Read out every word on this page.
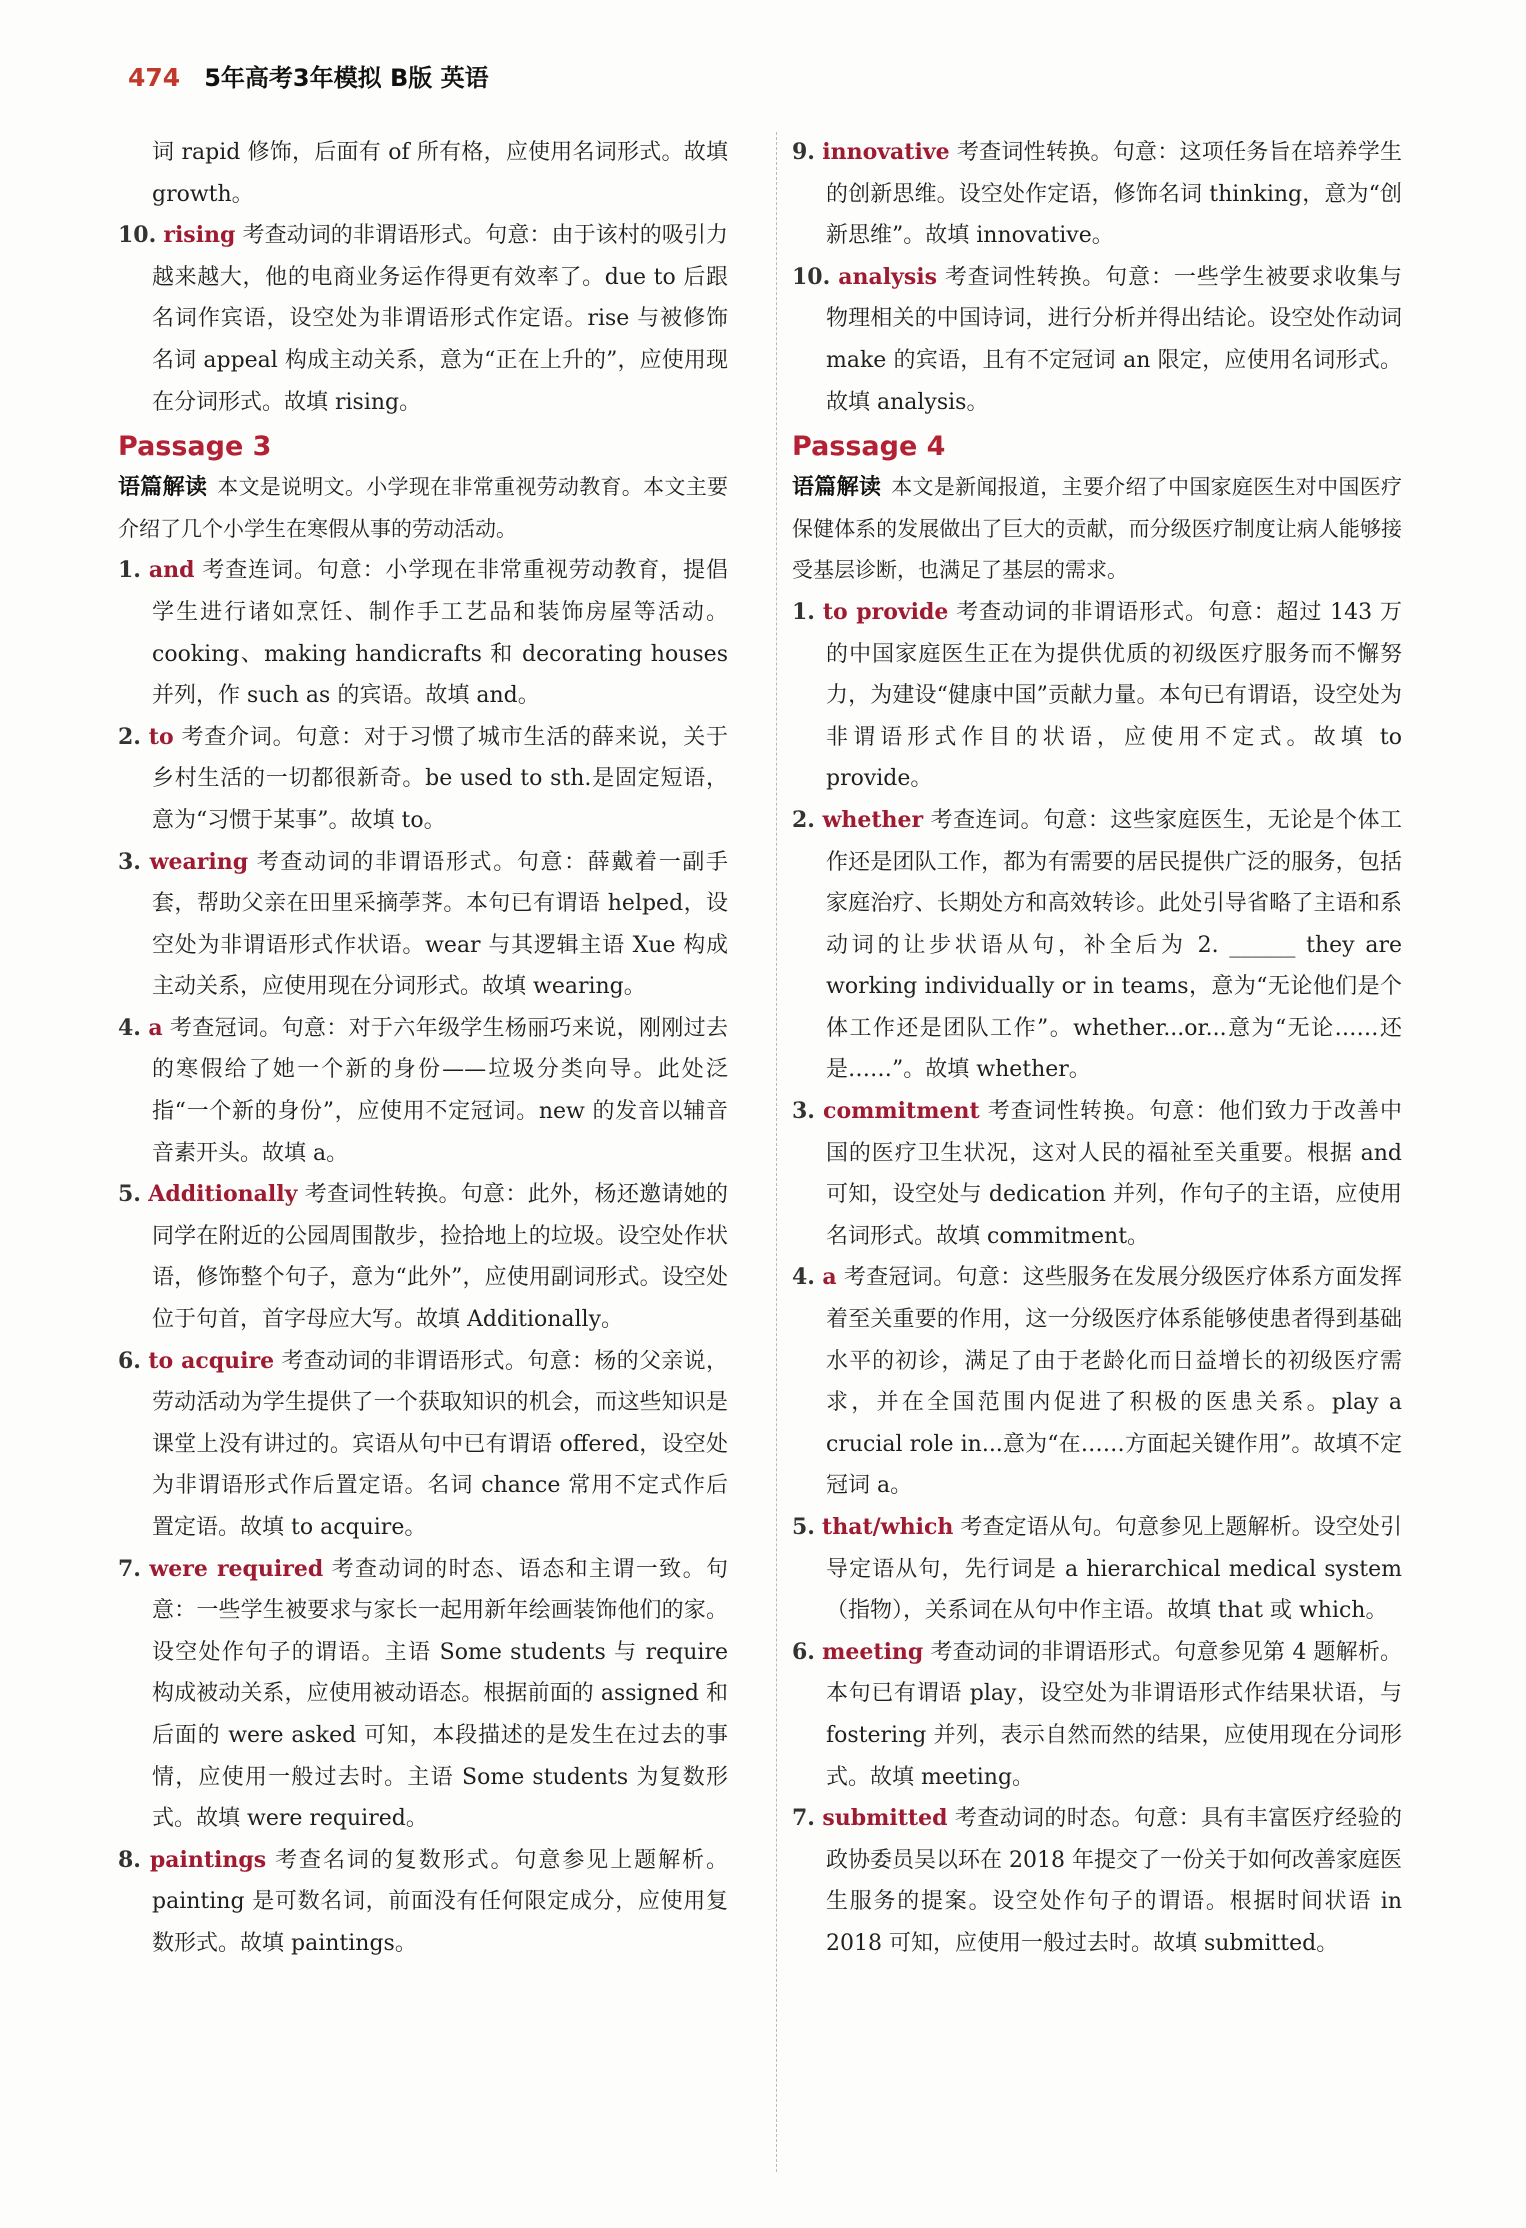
474 5年高考3年模拟 B版 英语

词 rapid 修饰，后面有 of 所有格，应使用名词形式。故填 growth。

10. rising 考查动词的非谓语形式。句意：由于该村的吸引力越来越大，他的电商业务运作得更有效率了。due to 后跟名词作宾语，设空处为非谓语形式作定语。rise 与被修饰名词 appeal 构成主动关系，意为“正在上升的”，应使用现在分词形式。故填 rising。

Passage 3

语篇解读 本文是说明文。小学现在非常重视劳动教育。本文主要介绍了几个小学生在寒假从事的劳动活动。

1. and 考查连词。句意：小学现在非常重视劳动教育，提倡学生进行诸如烹饪、制作手工艺品和装饰房屋等活动。cooking、making handicrafts 和 decorating houses 并列，作 such as 的宾语。故填 and。

2. to 考查介词。句意：对于习惯了城市生活的薛来说，关于乡村生活的一切都很新奇。be used to sth.是固定短语，意为“习惯于某事”。故填 to。

3. wearing 考查动词的非谓语形式。句意：薛戴着一副手套，帮助父亲在田里采摘荸荠。本句已有谓语 helped，设空处为非谓语形式作状语。wear 与其逻辑主语 Xue 构成主动关系，应使用现在分词形式。故填 wearing。

4. a 考查冠词。句意：对于六年级学生杨丽巧来说，刚刚过去的寒假给了她一个新的身份——垃圾分类向导。此处泛指“一个新的身份”，应使用不定冠词。new 的发音以辅音音素开头。故填 a。

5. Additionally 考查词性转换。句意：此外，杨还邀请她的同学在附近的公园周围散步，捡拾地上的垃圾。设空处作状语，修饰整个句子，意为“此外”，应使用副词形式。设空处位于句首，首字母应大写。故填 Additionally。

6. to acquire 考查动词的非谓语形式。句意：杨的父亲说，劳动活动为学生提供了一个获取知识的机会，而这些知识是课堂上没有讲过的。宾语从句中已有谓语 offered，设空处为非谓语形式作后置定语。名词 chance 常用不定式作后置定语。故填 to acquire。

7. were required 考查动词的时态、语态和主谓一致。句意：一些学生被要求与家长一起用新年绘画装饰他们的家。设空处作句子的谓语。主语 Some students 与 require 构成被动关系，应使用被动语态。根据前面的 assigned 和后面的 were asked 可知，本段描述的是发生在过去的事情，应使用一般过去时。主语 Some students 为复数形式。故填 were required。

8. paintings 考查名词的复数形式。句意参见上题解析。painting 是可数名词，前面没有任何限定成分，应使用复数形式。故填 paintings。

9. innovative 考查词性转换。句意：这项任务旨在培养学生的创新思维。设空处作定语，修饰名词 thinking，意为“创新思维”。故填 innovative。

10. analysis 考查词性转换。句意：一些学生被要求收集与物理相关的中国诗词，进行分析并得出结论。设空处作动词 make 的宾语，且有不定冠词 an 限定，应使用名词形式。故填 analysis。

Passage 4

语篇解读 本文是新闻报道，主要介绍了中国家庭医生对中国医疗保健体系的发展做出了巨大的贡献，而分级医疗制度让病人能够接受基层诊断，也满足了基层的需求。

1. to provide 考查动词的非谓语形式。句意：超过 143 万的中国家庭医生正在为提供优质的初级医疗服务而不懈努力，为建设“健康中国”贡献力量。本句已有谓语，设空处为非谓语形式作目的状语，应使用不定式。故填 to provide。

2. whether 考查连词。句意：这些家庭医生，无论是个体工作还是团队工作，都为有需要的居民提供广泛的服务，包括家庭治疗、长期处方和高效转诊。此处引导省略了主语和系动词的让步状语从句，补全后为 2. ______ they are working individually or in teams，意为“无论他们是个体工作还是团队工作”。whether...or...意为“无论……还是……”。故填 whether。

3. commitment 考查词性转换。句意：他们致力于改善中国的医疗卫生状况，这对人民的福祉至关重要。根据 and 可知，设空处与 dedication 并列，作句子的主语，应使用名词形式。故填 commitment。

4. a 考查冠词。句意：这些服务在发展分级医疗体系方面发挥着至关重要的作用，这一分级医疗体系能够使患者得到基础水平的初诊，满足了由于老龄化而日益增长的初级医疗需求，并在全国范围内促进了积极的医患关系。play a crucial role in...意为“在……方面起关键作用”。故填不定冠词 a。

5. that/which 考查定语从句。句意参见上题解析。设空处引导定语从句，先行词是 a hierarchical medical system（指物），关系词在从句中作主语。故填 that 或 which。

6. meeting 考查动词的非谓语形式。句意参见第 4 题解析。本句已有谓语 play，设空处为非谓语形式作结果状语，与 fostering 并列，表示自然而然的结果，应使用现在分词形式。故填 meeting。

7. submitted 考查动词的时态。句意：具有丰富医疗经验的政协委员吴以环在 2018 年提交了一份关于如何改善家庭医生服务的提案。设空处作句子的谓语。根据时间状语 in 2018 可知，应使用一般过去时。故填 submitted。
